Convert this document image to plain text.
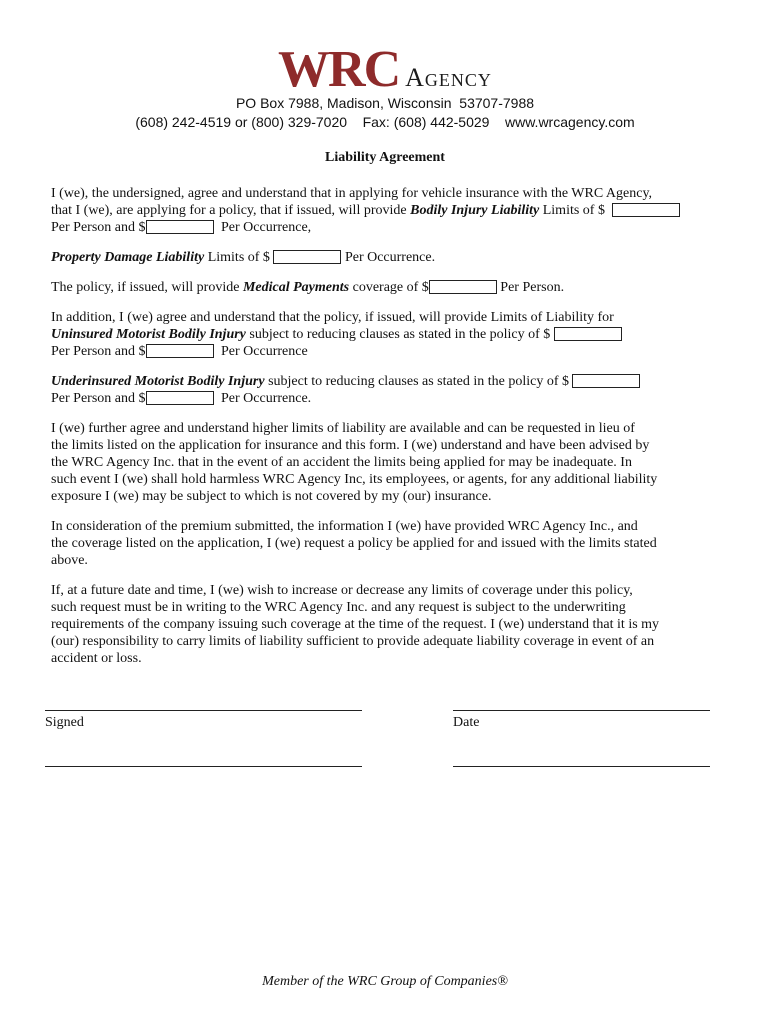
WRC Agency
PO Box 7988, Madison, Wisconsin  53707-7988
(608) 242-4519 or (800) 329-7020    Fax: (608) 442-5029    www.wrcagency.com
Liability Agreement
I (we), the undersigned, agree and understand that in applying for vehicle insurance with the WRC Agency,
that I (we), are applying for a policy, that if issued, will provide Bodily Injury Liability Limits of $
Per Person and $	Per Occurrence,
Property Damage Liability Limits of $	Per Occurrence.
The policy, if issued, will provide Medical Payments coverage of $	Per Person.
In addition, I (we) agree and understand that the policy, if issued, will provide Limits of Liability for
Uninsured Motorist Bodily Injury subject to reducing clauses as stated in the policy of $
Per Person and $	Per Occurrence
Underinsured Motorist Bodily Injury subject to reducing clauses as stated in the policy of $
Per Person and $	Per Occurrence.
I (we) further agree and understand higher limits of liability are available and can be requested in lieu of
the limits listed on the application for insurance and this form. I (we) understand and have been advised by
the WRC Agency Inc. that in the event of an accident the limits being applied for may be inadequate. In
such event I (we) shall hold harmless WRC Agency Inc, its employees, or agents, for any additional liability
exposure I (we) may be subject to which is not covered by my (our) insurance.
In consideration of the premium submitted, the information I (we) have provided WRC Agency Inc., and
the coverage listed on the application, I (we) request a policy be applied for and issued with the limits stated
above.
If, at a future date and time, I (we) wish to increase or decrease any limits of coverage under this policy,
such request must be in writing to the WRC Agency Inc. and any request is subject to the underwriting
requirements of the company issuing such coverage at the time of the request. I (we) understand that it is my
(our) responsibility to carry limits of liability sufficient to provide adequate liability coverage in event of an
accident or loss.
Signed	Date
Member of the WRC Group of Companies®
